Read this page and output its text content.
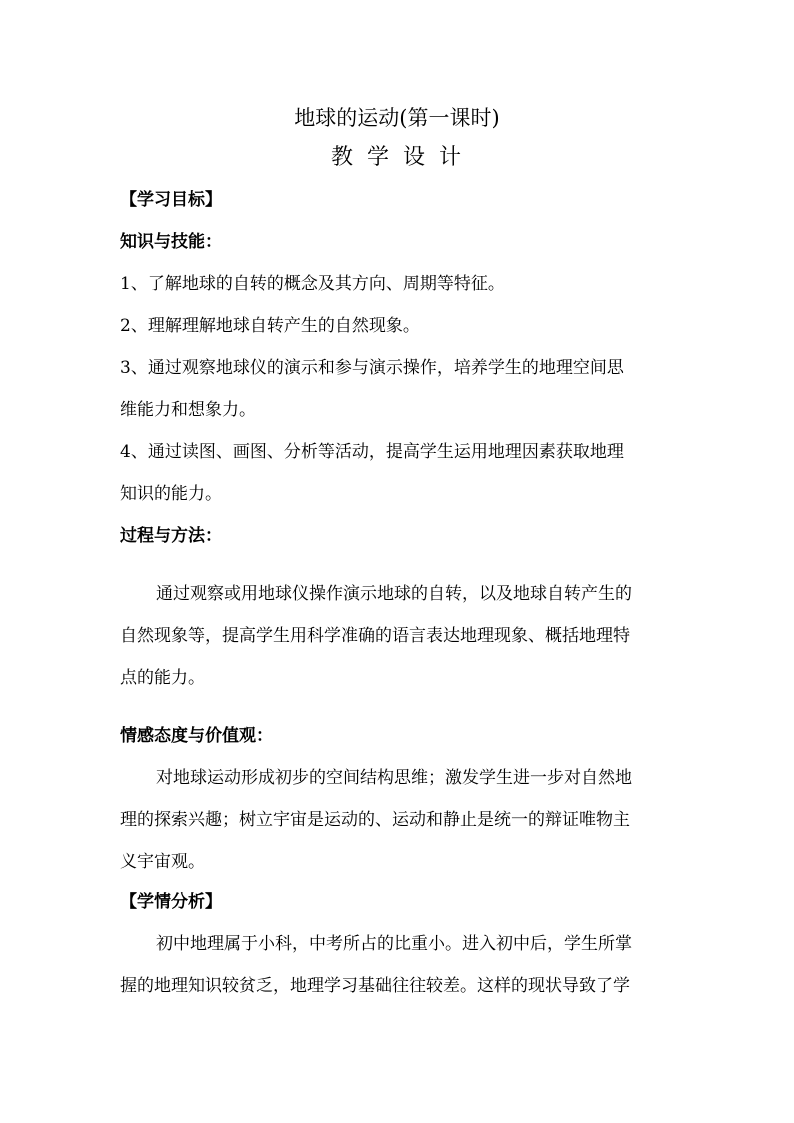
地球的运动(第一课时)
教学设计
【学习目标】
知识与技能：
1、了解地球的自转的概念及其方向、周期等特征。
2、理解理解地球自转产生的自然现象。
3、通过观察地球仪的演示和参与演示操作，培养学生的地理空间思
维能力和想象力。
4、通过读图、画图、分析等活动，提高学生运用地理因素获取地理
知识的能力。
过程与方法：
通过观察或用地球仪操作演示地球的自转，以及地球自转产生的
自然现象等，提高学生用科学准确的语言表达地理现象、概括地理特
点的能力。
情感态度与价值观：
对地球运动形成初步的空间结构思维；激发学生进一步对自然地
理的探索兴趣；树立宇宙是运动的、运动和静止是统一的辩证唯物主
义宇宙观。
【学情分析】
初中地理属于小科，中考所占的比重小。进入初中后，学生所掌
握的地理知识较贫乏，地理学习基础往往较差。这样的现状导致了学
